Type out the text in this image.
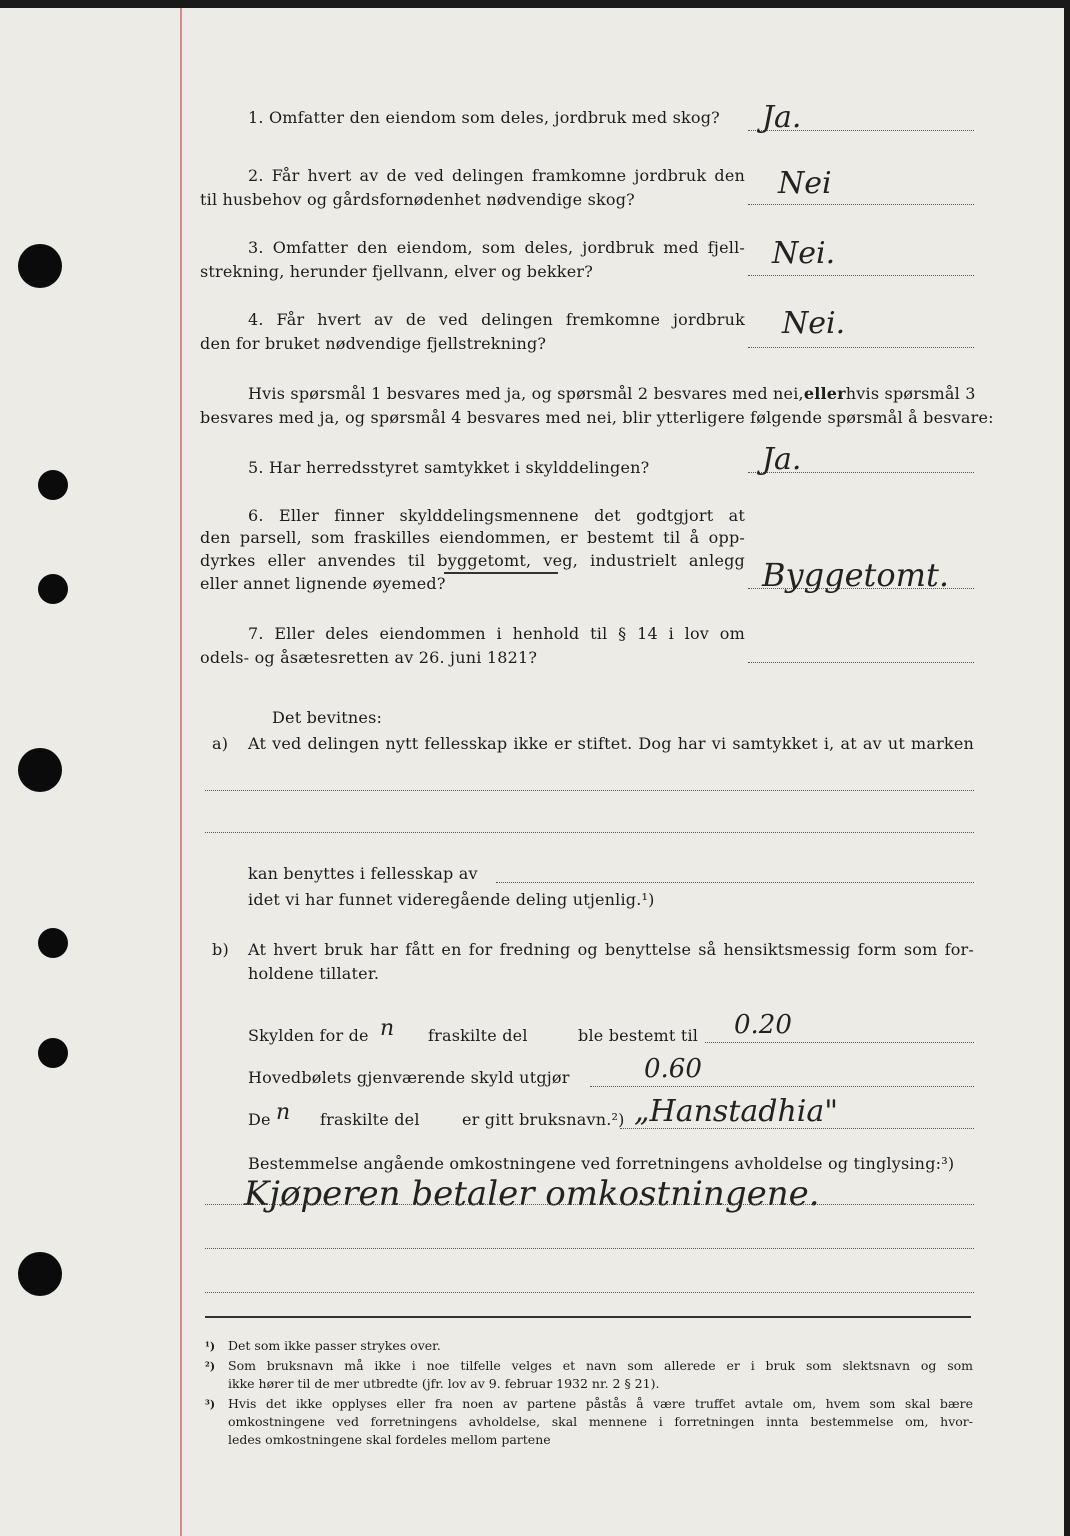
1. Omfatter den eiendom som deles, jordbruk med skog? Ja.
2. Får hvert av de ved delingen framkomne jordbruk den
til husbehov og gårdsfornødenhet nødvendige skog?	Nei
3. Omfatter den eiendom, som deles, jordbruk med fjell-
strekning, herunder fjellvann, elver og bekker?
Nei.
4. Får hvert av de ved delingen fremkomne jordbruk
den for bruket nødvendige fjellstrekning?
Nei.
Hvis spørsmål 1 besvares med ja, og spørsmål 2 besvares med nei, eller hvis spørsmål 3
besvares med ja, og spørsmål 4 besvares med nei, blir ytterligere følgende spørsmål å besvare:
5. Har herredsstyret samtykket i skylddelingen?	Ja.
6. Eller finner skylddelingsmennene det godtgjort at
den parsell, som fraskilles eiendommen, er bestemt til å opp-
dyrkes eller anvendes til byggetomt, veg, industrielt anlegg
eller annet lignende øyemed?	Byggetomt.
7. Eller deles eiendommen i henhold til § 14 i lov om
odels- og åsætesretten av 26. juni 1821?
Det bevitnes:
a) At ved delingen nytt fellesskap ikke er stiftet. Dog har vi samtykket i, at av ut marken
kan benyttes i fellesskap av
idet vi har funnet videregående deling utjenlig.¹)
b) At hvert bruk har fått en for fredning og benyttelse så hensiktsmessig form som for-
holdene tillater.
Skylden for de n fraskilte del	ble bestemt til 0.20
Hovedbølets gjenværende skyld utgjør	0.60
De n fraskilte del	er gitt bruksnavn.²) „Hanstadhia"
Bestemmelse angående omkostningene ved forretningens avholdelse og tinglysing:³)
Kjøperen betaler omkostningene.
¹) Det som ikke passer strykes over.
²) Som bruksnavn må ikke i noe tilfelle velges et navn som allerede er i bruk som slektsnavn og som
ikke hører til de mer utbredte (jfr. lov av 9. februar 1932 nr. 2 § 21).
³) Hvis det ikke opplyses eller fra noen av partene påstås å være truffet avtale om, hvem som skal bære
omkostningene ved forretningens avholdelse, skal mennene i forretningen innta bestemmelse om, hvor-
ledes omkostningene skal fordeles mellom partene
